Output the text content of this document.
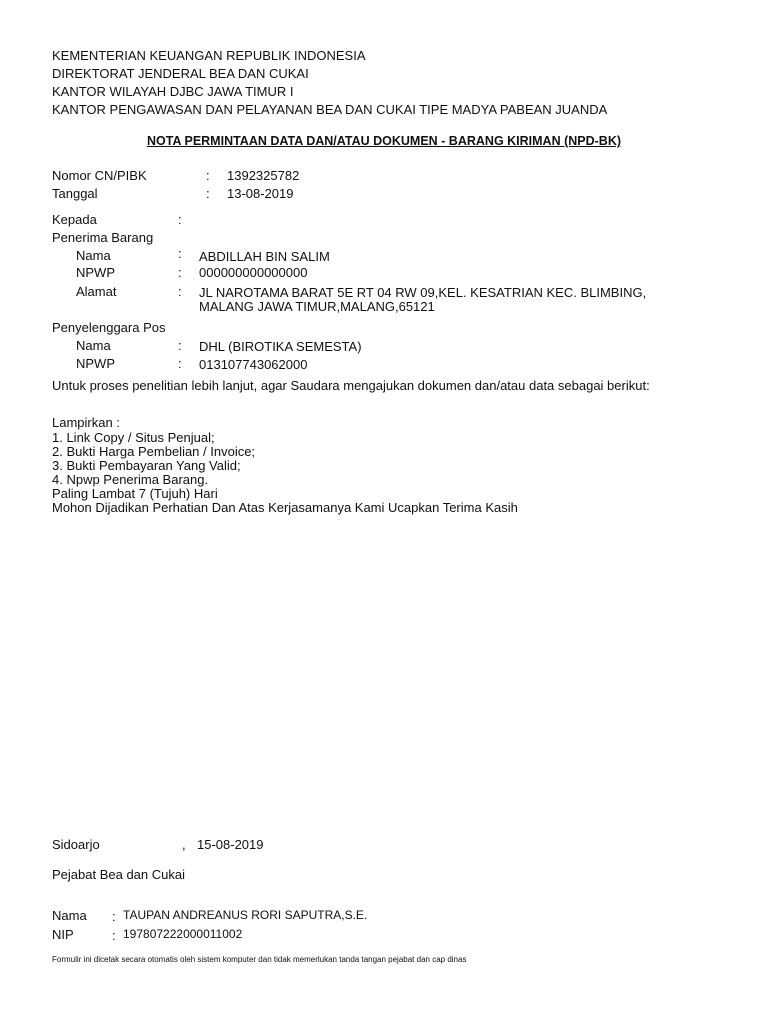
KEMENTERIAN KEUANGAN REPUBLIK INDONESIA
DIREKTORAT JENDERAL BEA DAN CUKAI
KANTOR WILAYAH DJBC JAWA TIMUR I
KANTOR PENGAWASAN DAN PELAYANAN BEA DAN CUKAI TIPE MADYA PABEAN JUANDA
NOTA PERMINTAAN DATA DAN/ATAU DOKUMEN - BARANG KIRIMAN (NPD-BK)
Nomor CN/PIBK	:	1392325782
Tanggal	:	13-08-2019
Kepada	:
Penerima Barang
Nama	:	ABDILLAH BIN SALIM
NPWP	:	000000000000000
Alamat	:	JL NAROTAMA BARAT 5E RT 04 RW 09,KEL. KESATRIAN KEC. BLIMBING,
MALANG JAWA TIMUR,MALANG,65121
Penyelenggara Pos
Nama	:	DHL (BIROTIKA SEMESTA)
NPWP	:	013107743062000
Untuk proses penelitian lebih lanjut, agar Saudara mengajukan dokumen dan/atau data sebagai berikut:
Lampirkan :
1. Link Copy / Situs Penjual;
2. Bukti Harga Pembelian / Invoice;
3. Bukti Pembayaran Yang Valid;
4. Npwp Penerima Barang.
Paling Lambat 7 (Tujuh) Hari
Mohon Dijadikan Perhatian Dan Atas Kerjasamanya Kami Ucapkan Terima Kasih
Sidoarjo	, 15-08-2019
Pejabat Bea dan Cukai
Nama : TAUPAN ANDREANUS RORI SAPUTRA,S.E.
NIP	: 197807222000011002
Formulir ini dicetak secara otomatis oleh sistem komputer dan tidak memerlukan tanda tangan pejabat dan cap dinas
